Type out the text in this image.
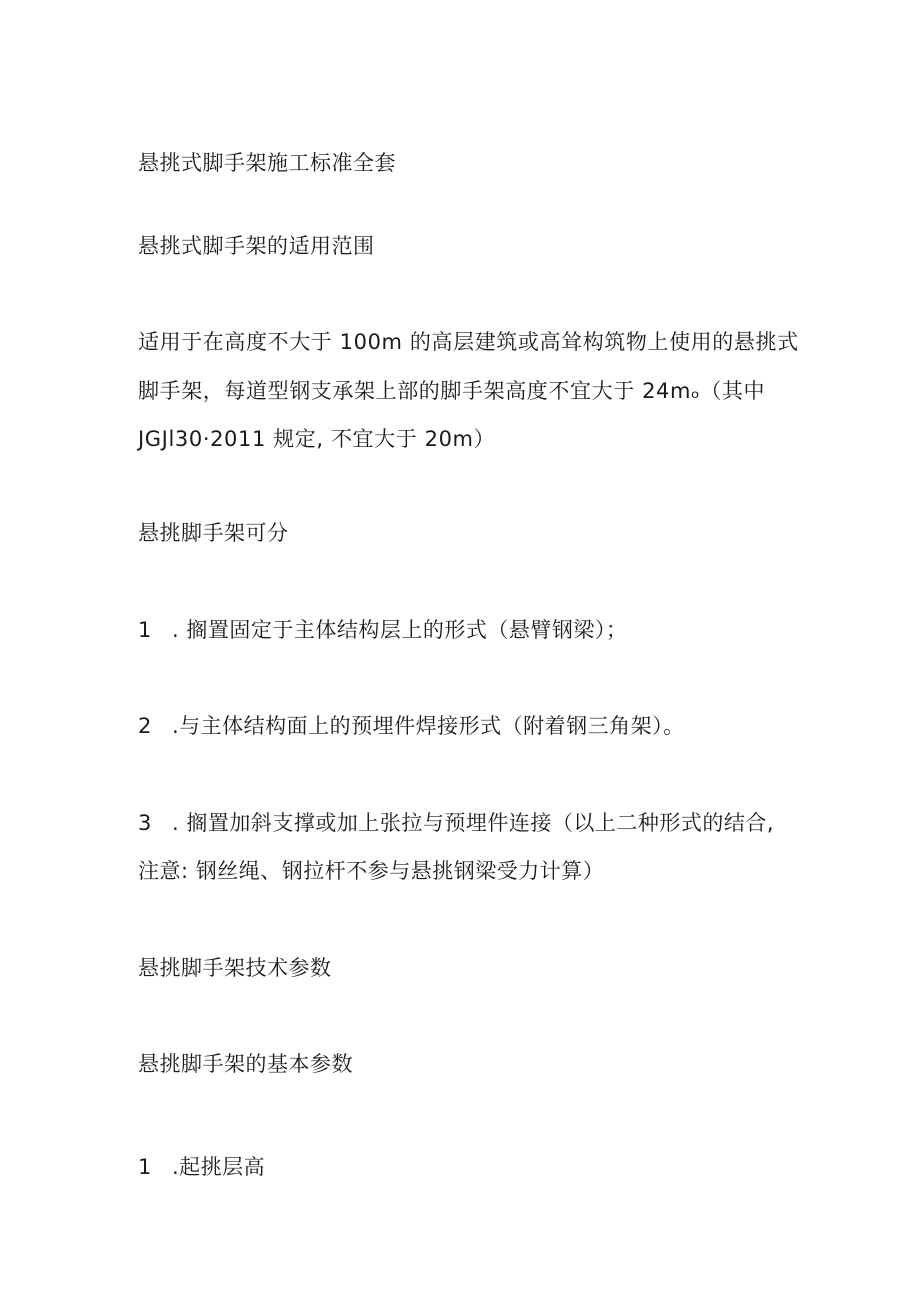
悬挑式脚手架施工标准全套
悬挑式脚手架的适用范围
适用于在高度不大于 100m 的高层建筑或高耸构筑物上使用的悬挑式
脚手架，每道型钢支承架上部的脚手架高度不宜大于 24mₒ（其中
JGJl30·2011 规定, 不宜大于 20m）
悬挑脚手架可分
1 . 搁置固定于主体结构层上的形式（悬臂钢梁）；
2 .与主体结构面上的预埋件焊接形式（附着钢三角架）。
3 . 搁置加斜支撑或加上张拉与预埋件连接（以上二种形式的结合,
注意: 钢丝绳、钢拉杆不参与悬挑钢梁受力计算）
悬挑脚手架技术参数
悬挑脚手架的基本参数
1 .起挑层高
